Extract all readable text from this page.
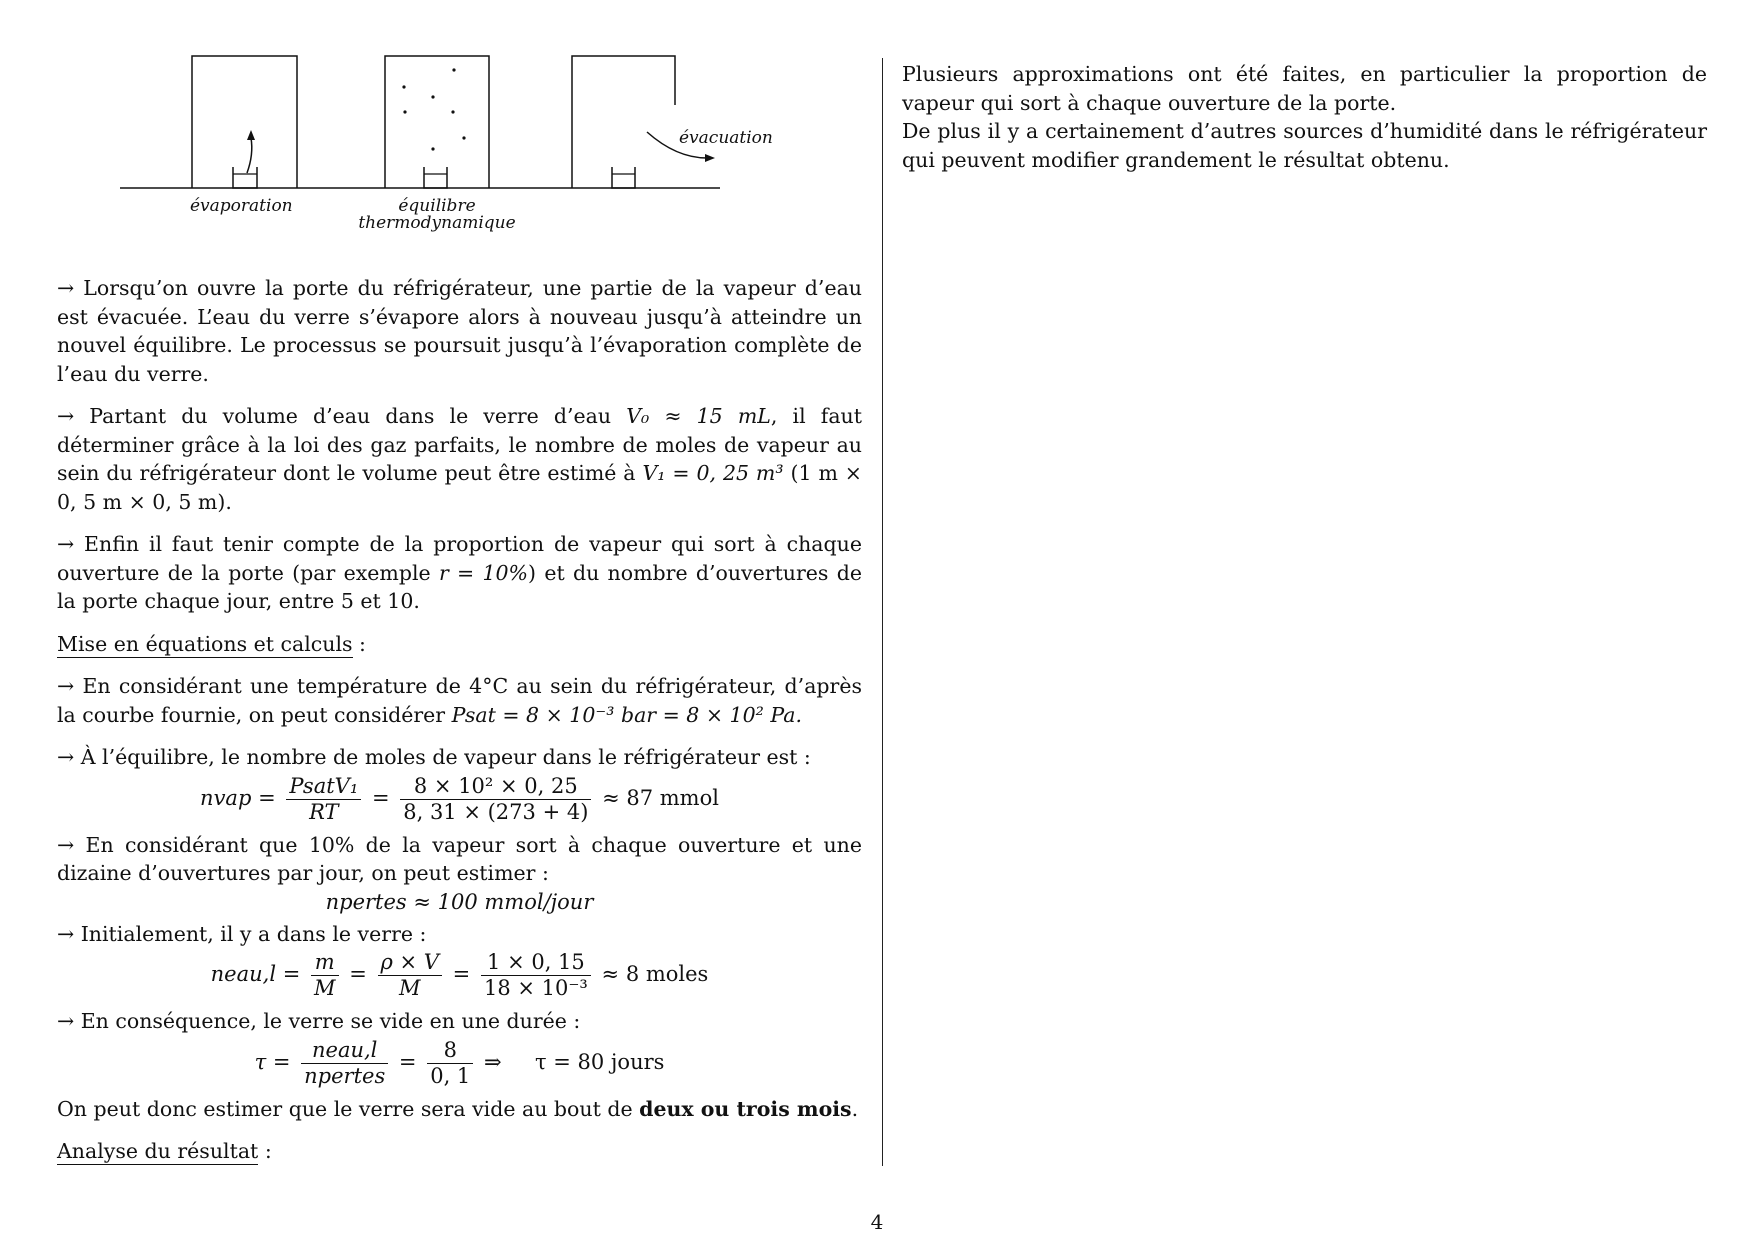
évaporation	équilibre
thermodynamique
évacuation

→ Lorsqu’on ouvre la porte du réfrigérateur, une partie de la vapeur d’eau est évacuée. L’eau du verre s’évapore alors à nouveau jusqu’à atteindre un nouvel équilibre. Le processus se poursuit jusqu’à l’évaporation complète de l’eau du verre.

→ Partant du volume d’eau dans le verre d’eau V₀ ≈ 15 mL, il faut déterminer grâce à la loi des gaz parfaits, le nombre de moles de vapeur au sein du réfrigérateur dont le volume peut être estimé à V₁ = 0, 25 m³ (1 m × 0, 5 m × 0, 5 m).

→ Enfin il faut tenir compte de la proportion de vapeur qui sort à chaque ouverture de la porte (par exemple r = 10%) et du nombre d’ouvertures de la porte chaque jour, entre 5 et 10.

Mise en équations et calculs :

→ En considérant une température de 4°C au sein du réfrigérateur, d’après la courbe fournie, on peut considérer Psat = 8 × 10⁻³ bar = 8 × 10² Pa.

→ À l’équilibre, le nombre de moles de vapeur dans le réfrigérateur est :

nvap = $\frac{\text{PsatV₁}}{RT} = \frac{\text{8 × 10² × 0, 25}}{8, 31 \times (273 + 4)} \approx 87$ mmol

→ En considérant que 10% de la vapeur sort à chaque ouverture et une dizaine d’ouvertures par jour, on peut estimer :

npertes ≈ 100 mmol/jour

→ Initialement, il y a dans le verre :

neau,l = $\frac{m}{M} = \frac{\rho \times V}{M} = \frac{1 \times 0, 15}{\text{18 × 10⁻³}} \approx 8$ moles

→ En conséquence, le verre se vide en une durée :

$\tau = \frac{\text{neau,l}}{\text{npertes}} = \frac{8}{0, 1}$ ⇒     τ = 80 jours

On peut donc estimer que le verre sera vide au bout de deux ou trois mois.

Analyse du résultat :

Plusieurs approximations ont été faites, en particulier la proportion de vapeur qui sort à chaque ouverture de la porte.

De plus il y a certainement d’autres sources d’humidité dans le réfrigérateur qui peuvent modifier grandement le résultat obtenu.

4
